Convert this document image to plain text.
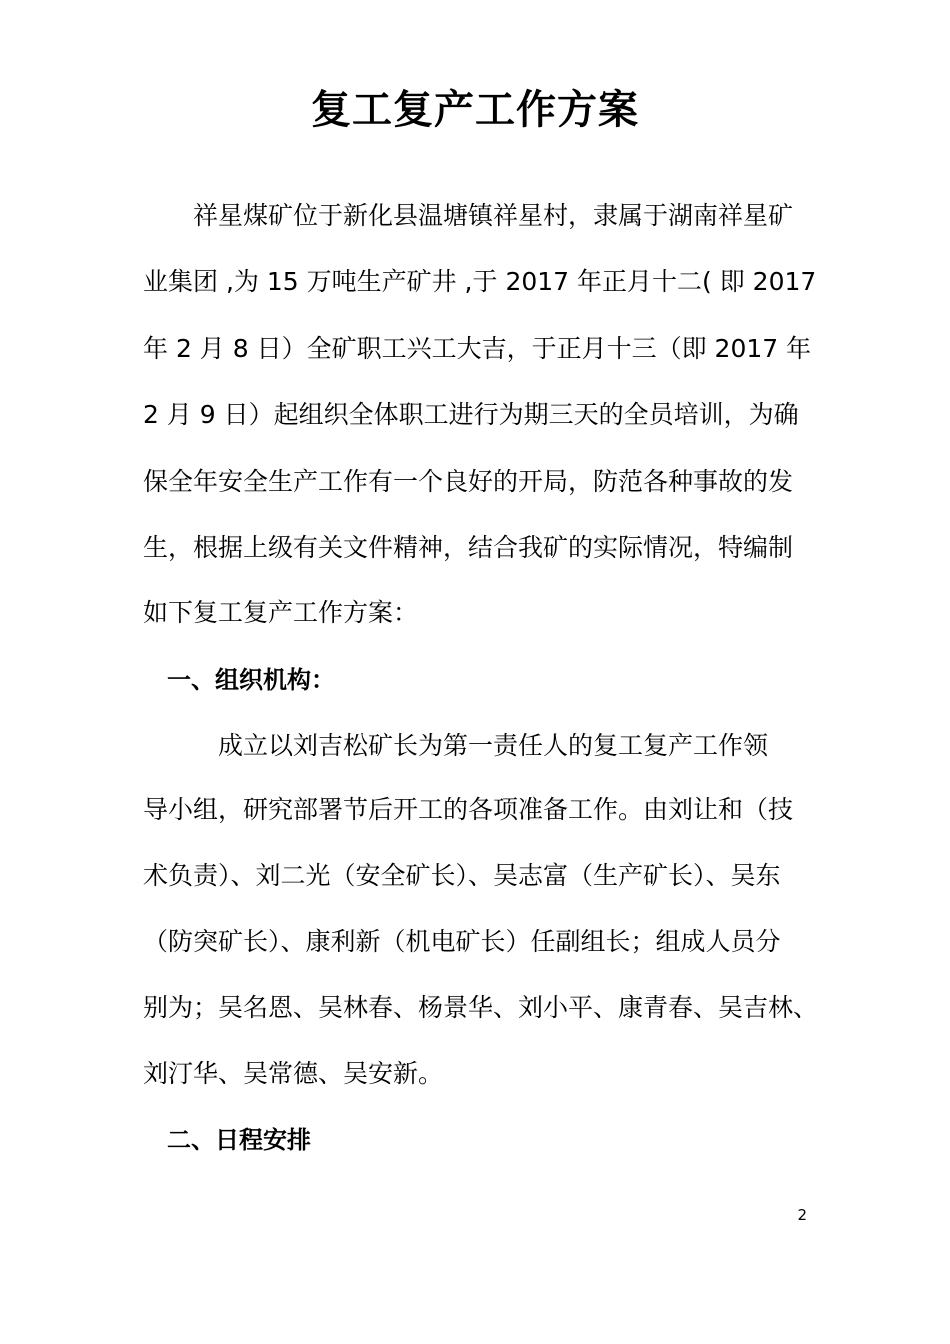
复工复产工作方案
　　祥星煤矿位于新化县温塘镇祥星村，隶属于湖南祥星矿
业集团 ,为 15 万吨生产矿井 ,于 2017 年正月十二( 即 2017
年 2 月 8 日）全矿职工兴工大吉，于正月十三（即 2017 年
2 月 9 日）起组织全体职工进行为期三天的全员培训，为确
保全年安全生产工作有一个良好的开局，防范各种事故的发
生，根据上级有关文件精神，结合我矿的实际情况，特编制
如下复工复产工作方案：
　一、组织机构：
　　　成立以刘吉松矿长为第一责任人的复工复产工作领
导小组，研究部署节后开工的各项准备工作。由刘让和（技
术负责）、刘二光（安全矿长）、吴志富（生产矿长）、吴东
（防突矿长）、康利新（机电矿长）任副组长；组成人员分
别为；吴名恩、吴林春、杨景华、刘小平、康青春、吴吉林、
刘汀华、吴常德、吴安新。
　二、日程安排
2
